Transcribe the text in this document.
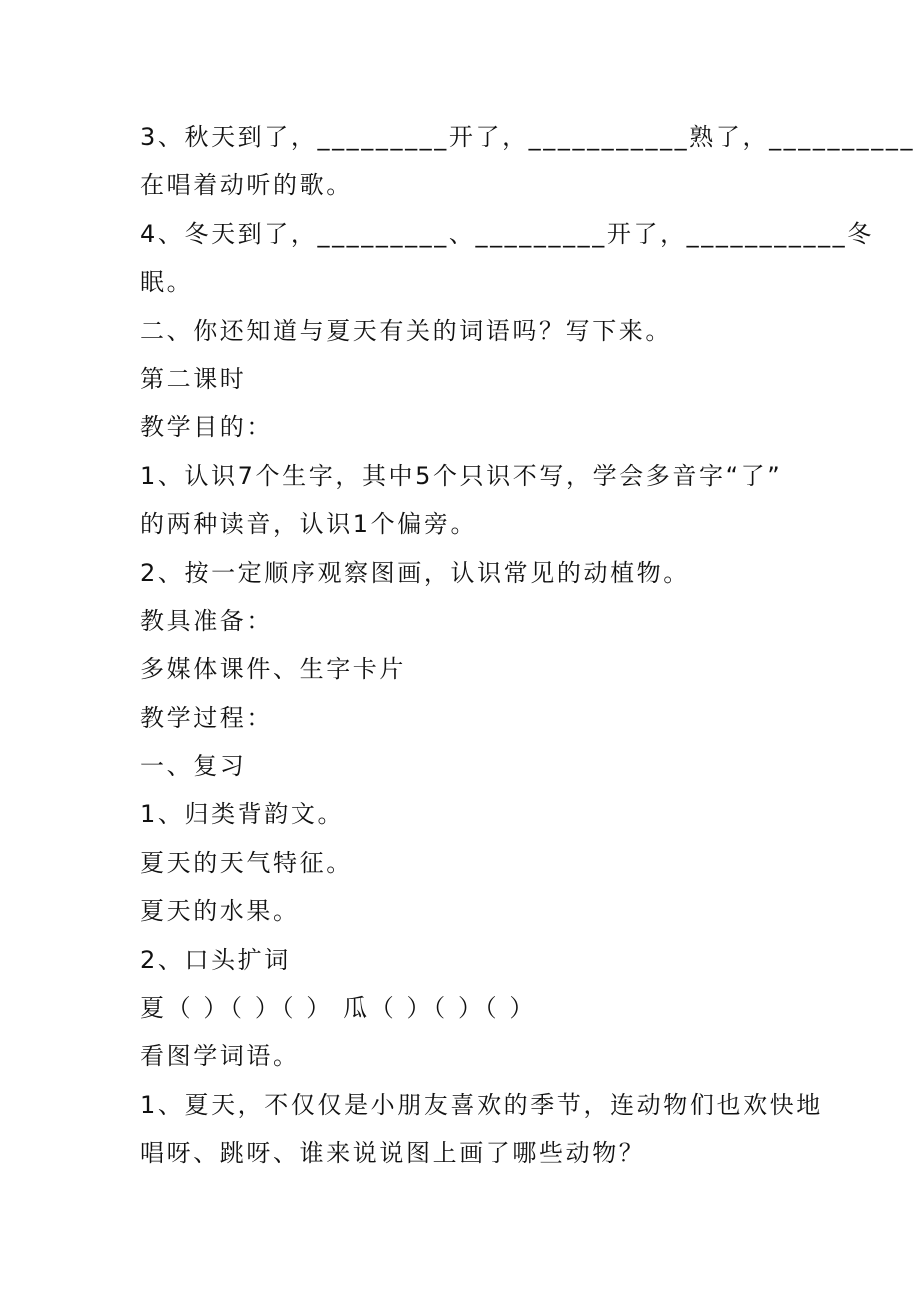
3、秋天到了，_________开了，___________熟了，__________
在唱着动听的歌。
4、冬天到了，_________、_________开了，___________冬
眠。
二、你还知道与夏天有关的词语吗？写下来。
第二课时
教学目的：
1、认识7个生字，其中5个只识不写，学会多音字“了”
的两种读音，认识1个偏旁。
2、按一定顺序观察图画，认识常见的动植物。
教具准备：
多媒体课件、生字卡片
教学过程：
一、复习
1、归类背韵文。
夏天的天气特征。
夏天的水果。
2、口头扩词
夏（ ）（ ）（ ） 瓜（ ）（ ）（ ）
看图学词语。
1、夏天，不仅仅是小朋友喜欢的季节，连动物们也欢快地
唱呀、跳呀、谁来说说图上画了哪些动物？
